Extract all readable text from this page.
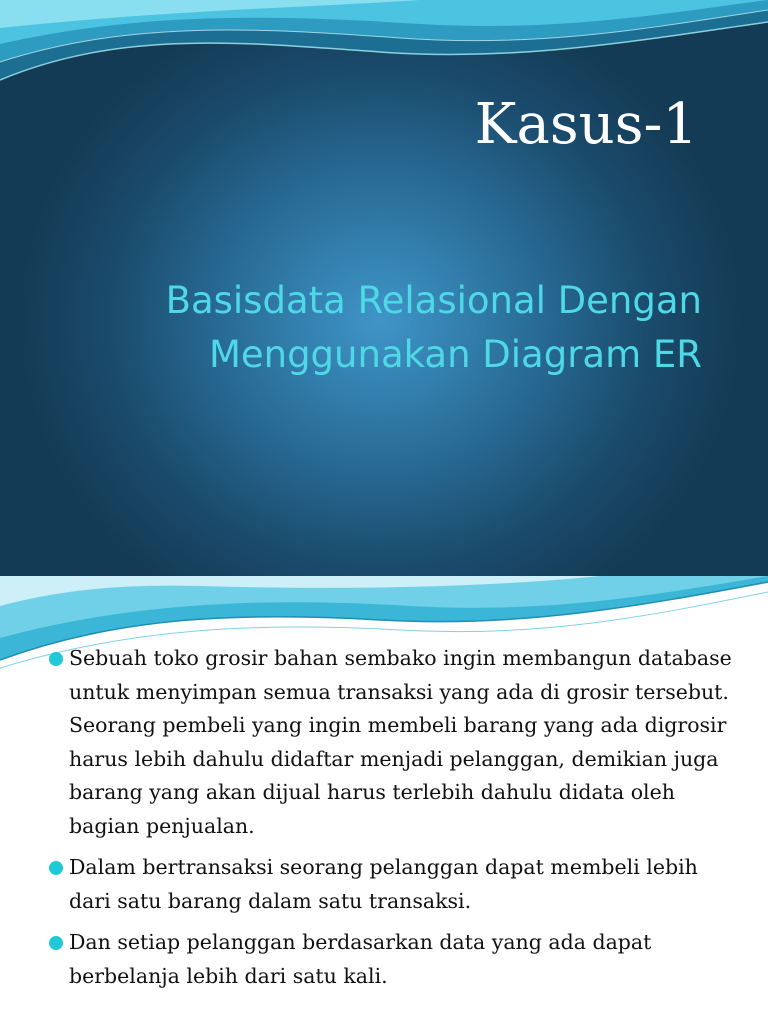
Kasus-1
Basisdata Relasional Dengan
Menggunakan Diagram ER
Sebuah toko grosir bahan sembako ingin membangun database untuk menyimpan semua transaksi yang ada di grosir tersebut. Seorang pembeli yang ingin membeli barang yang ada digrosir harus lebih dahulu didaftar menjadi pelanggan, demikian juga barang yang akan dijual harus terlebih dahulu didata oleh bagian penjualan.
Dalam bertransaksi seorang pelanggan dapat membeli lebih dari satu barang dalam satu transaksi.
Dan setiap pelanggan berdasarkan data yang ada dapat berbelanja lebih dari satu kali.
